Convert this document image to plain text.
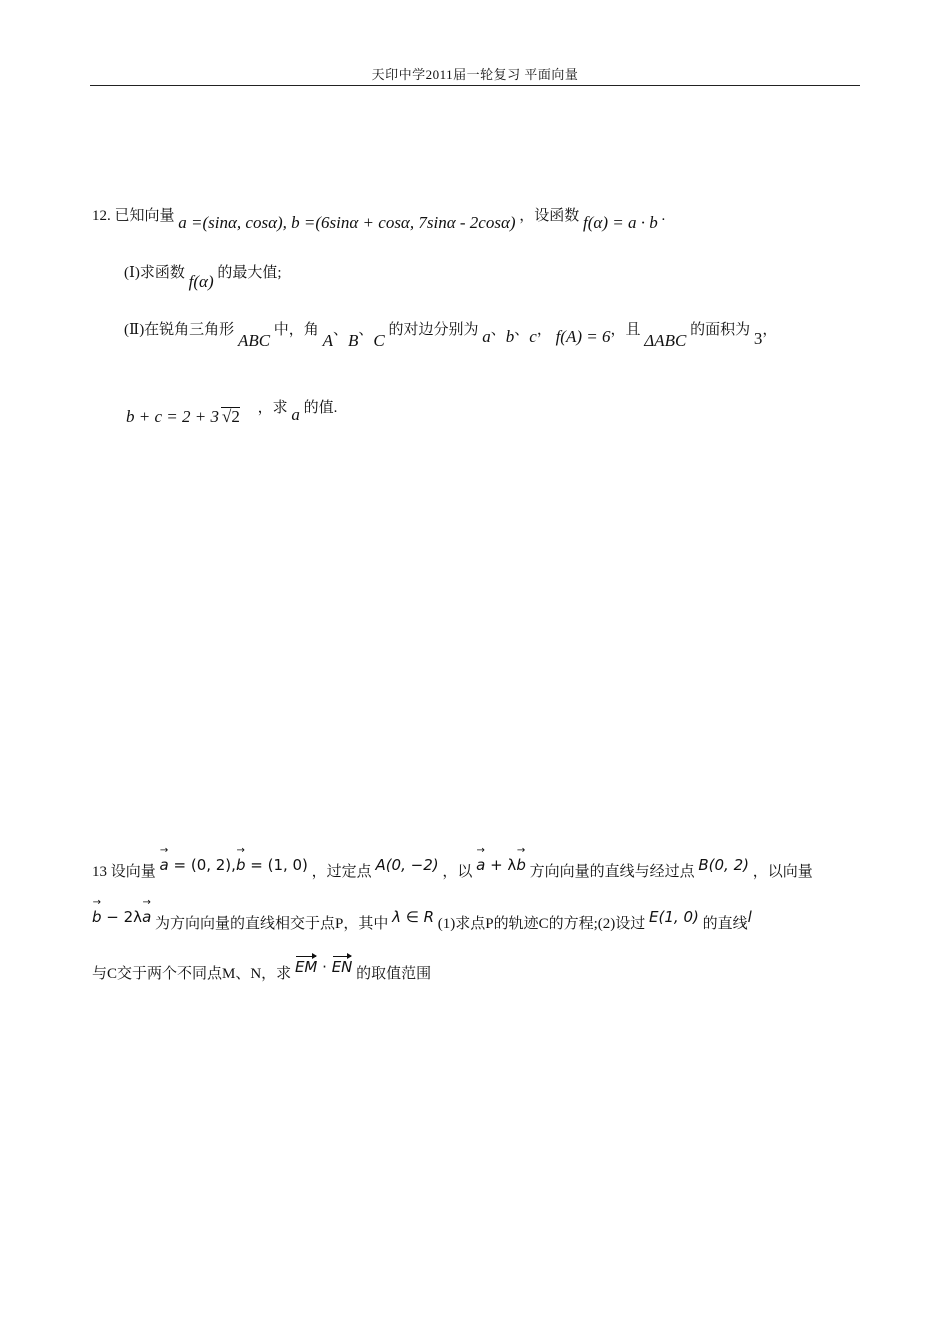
天印中学2011届一轮复习 平面向量
12. 已知向量 a =(sinα, cosα), b =(6sinα + cosα, 7sinα - 2cosα) ，设函数 f(α) = a · b .
(Ⅰ)求函数 f(α) 的最大值;
(Ⅱ)在锐角三角形 ABC 中，角 A、B、C 的对边分别为 a、b、c， f(A) = 6，且 ΔABC 的面积为 3，
b + c = 2 + 3 √2 ，求 a 的值.
13 设向量 → a = (0, 2),→ b = (1, 0) ，过定点 A(0, −2) ，以 → a + λ→ b 方向向量的直线与经过点 B(0, 2) ，以向量
→ b − 2λ→ a 为方向向量的直线相交于点P，其中 λ ∈ R (1)求点P的轨迹C的方程;(2)设过 E(1, 0) 的直线l
与C交于两个不同点M、N，求 EM · EN 的取值范围
